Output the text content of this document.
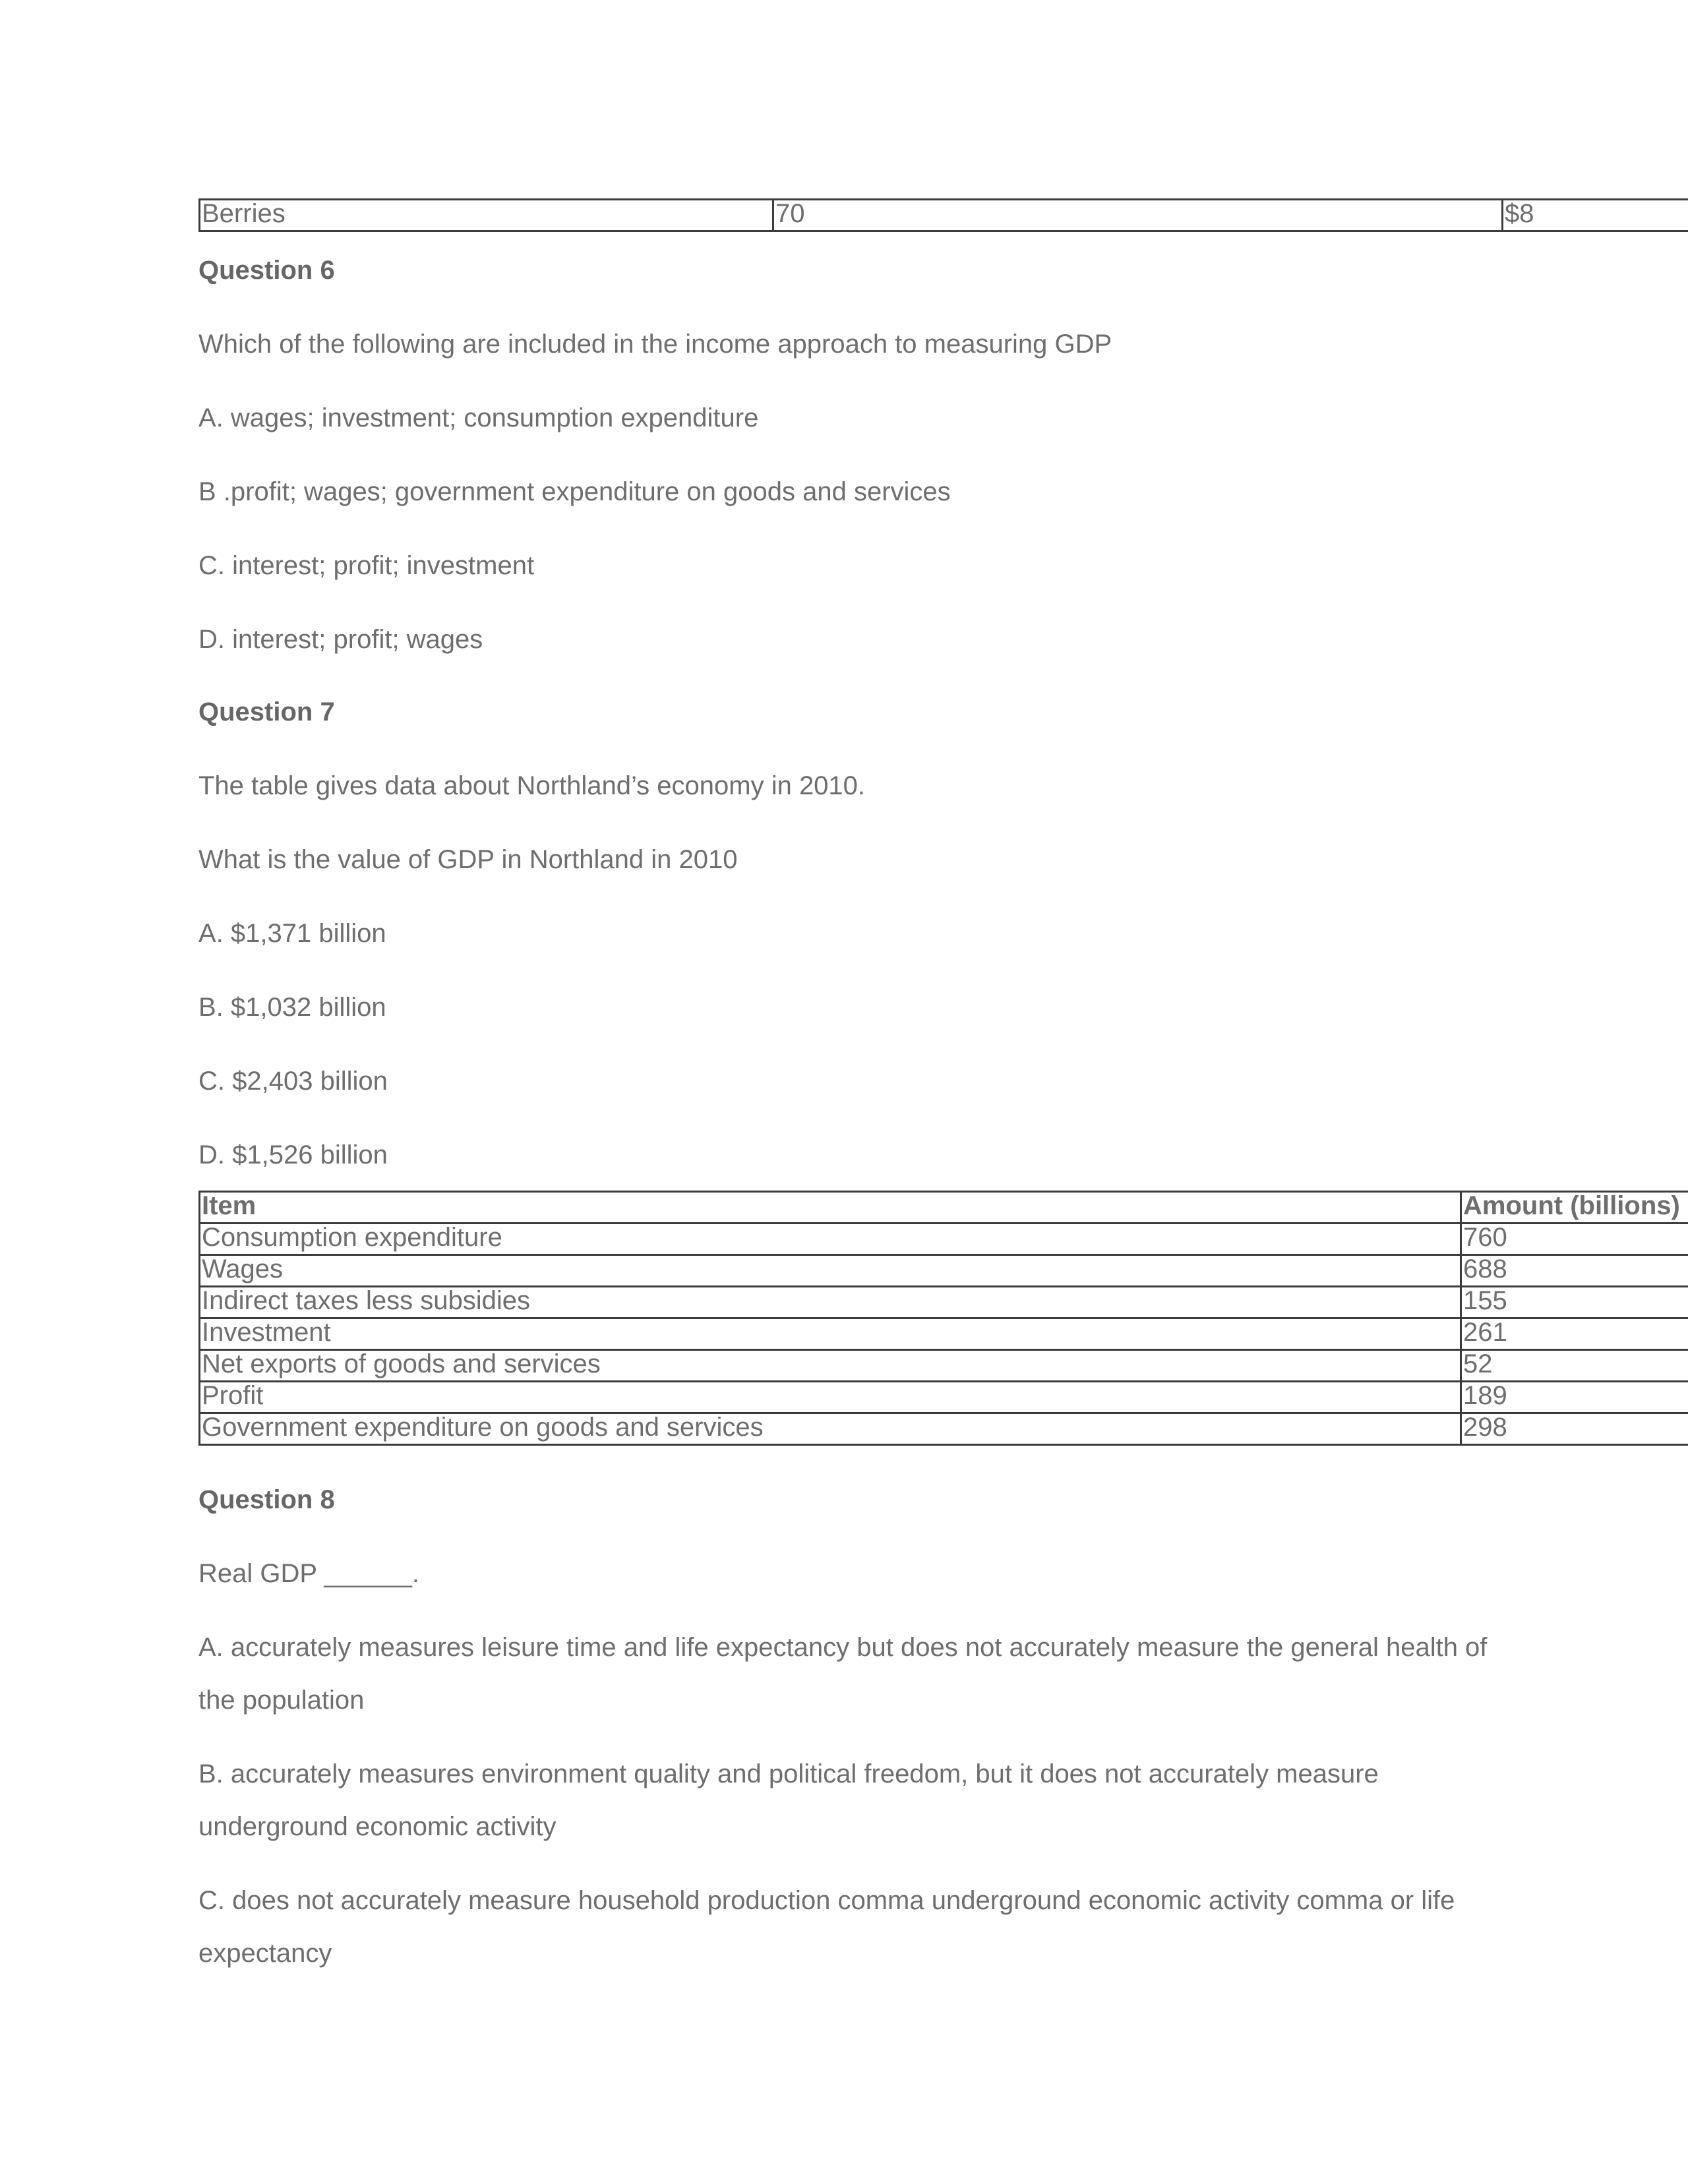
Berries	70	$8

Question 6

Which of the following are included in the income approach to measuring GDP

A. wages; investment; consumption expenditure

B .profit; wages; government expenditure on goods and services

C. interest; profit; investment

D. interest; profit; wages

Question 7

The table gives data about Northland’s economy in 2010.

What is the value of GDP in Northland in 2010

A. $1,371 billion

B. $1,032 billion

C. $2,403 billion

D. $1,526 billion

Item	Amount (billions)
Consumption expenditure	760
Wages	688
Indirect taxes less subsidies	155
Investment	261
Net exports of goods and services	52
Profit	189
Government expenditure on goods and services	298

Question 8

Real GDP ______.

A. accurately measures leisure time and life expectancy but does not accurately measure the general health of the population

B. accurately measures environment quality and political freedom, but it does not accurately measure underground economic activity

C. does not accurately measure household production comma underground economic activity comma or life expectancy
